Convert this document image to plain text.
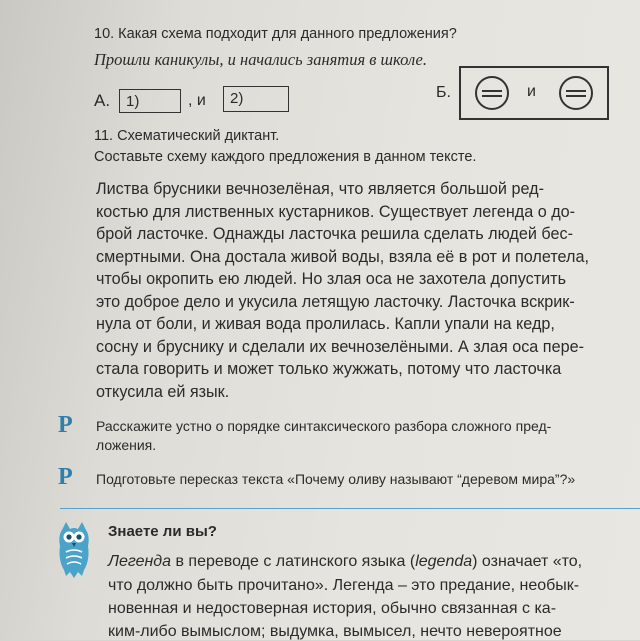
10. Какая схема подходит для данного предложения?
Прошли каникулы, и начались занятия в школе.
А.	1)	, и	2)	Б.	и
11. Схематический диктант.
Составьте схему каждого предложения в данном тексте.
Листва брусники вечнозелёная, что является большой ред-
костью для лиственных кустарников. Существует легенда о до-
брой ласточке. Однажды ласточка решила сделать людей бес-
смертными. Она достала живой воды, взяла её в рот и полетела,
чтобы окропить ею людей. Но злая оса не захотела допустить
это доброе дело и укусила летящую ласточку. Ласточка вскрик-
нула от боли, и живая вода пролилась. Капли упали на кедр,
сосну и бруснику и сделали их вечнозелёными. А злая оса пере-
стала говорить и может только жужжать, потому что ласточка
откусила ей язык.
Р Расскажите устно о порядке синтаксического разбора сложного пред-
ложения.
Р Подготовьте пересказ текста «Почему оливу называют “деревом мира”?»
Знаете ли вы?
Легенда в переводе с латинского языка (legenda) означает «то,
что должно быть прочитано». Легенда – это предание, необык-
новенная и недостоверная история, обычно связанная с ка-
ким-либо вымыслом; выдумка, вымысел, нечто невероятное
